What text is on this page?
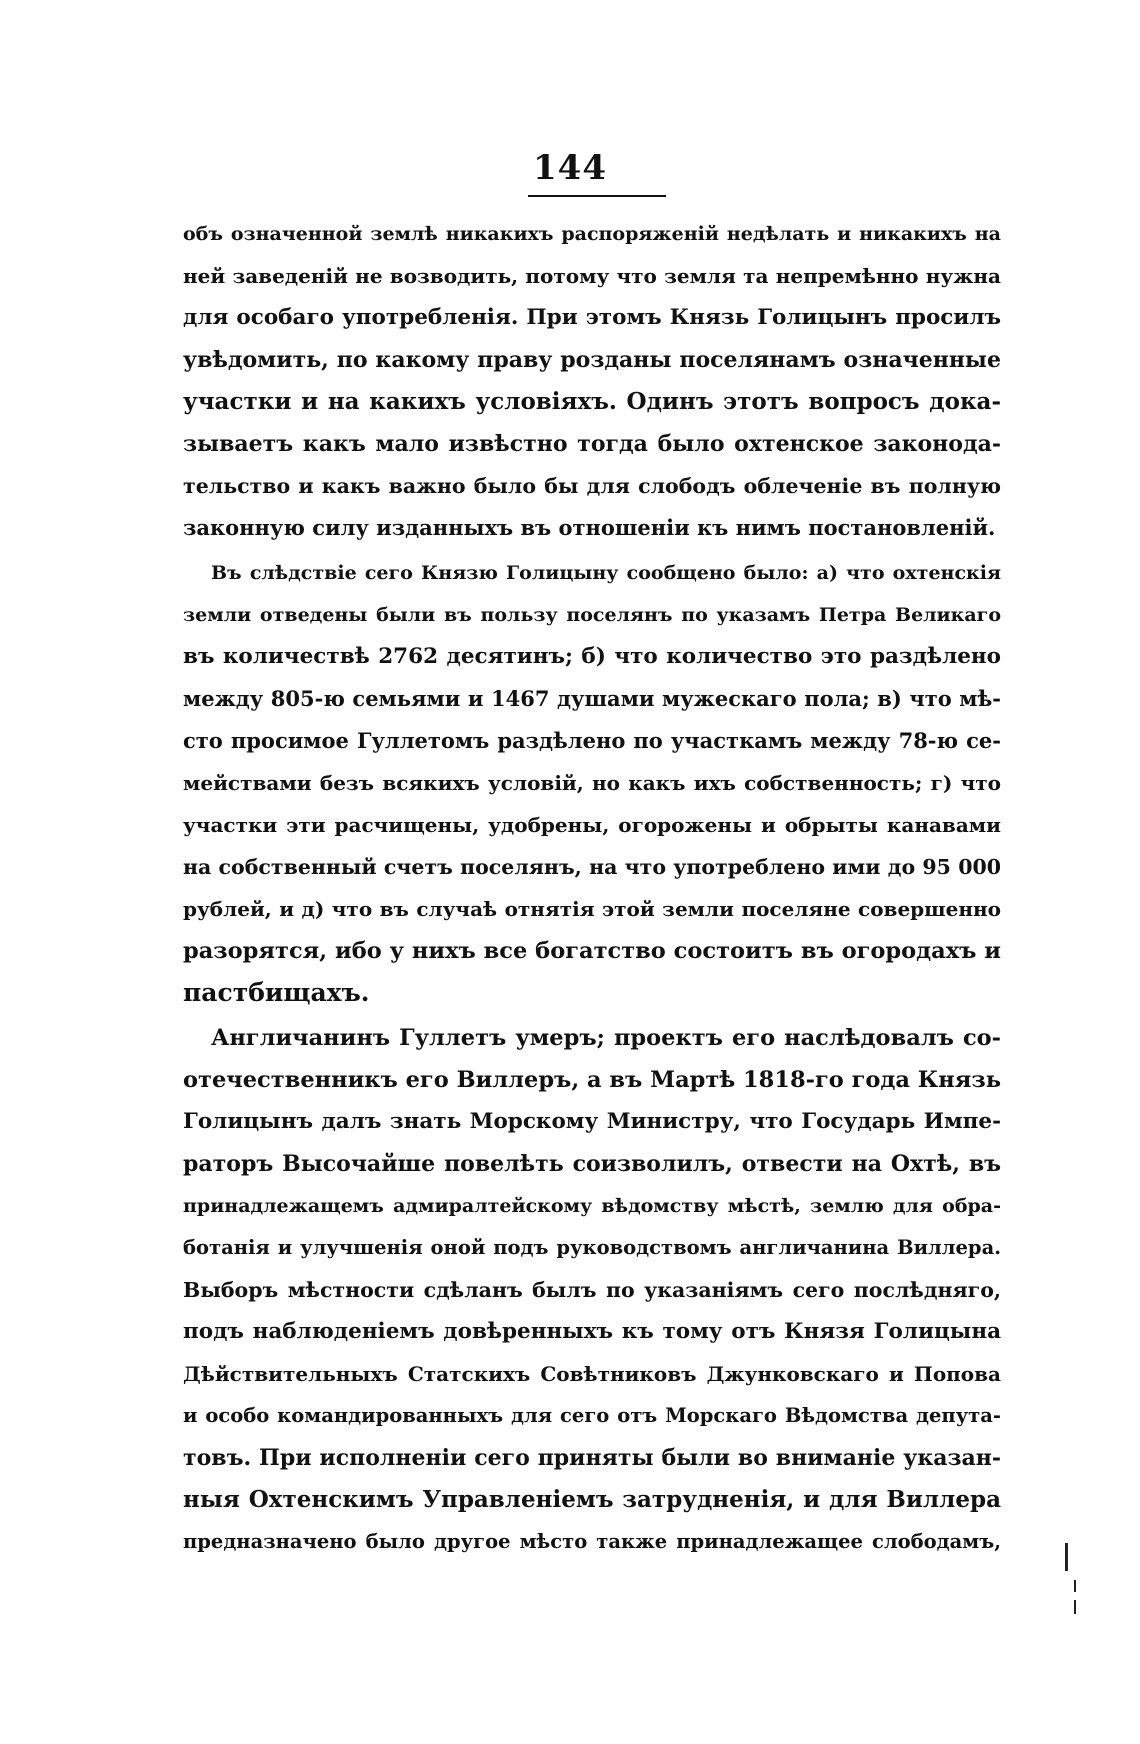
144
объ означенной землѣ никакихъ распоряженій недѣлать и никакихъ на
ней заведеній не возводить, потому что земля та непремѣнно нужна
для особаго употребленія. При этомъ Князь Голицынъ просилъ
увѣдомить, по какому праву розданы поселянамъ означенные
участки и на какихъ условіяхъ. Одинъ этотъ вопросъ дока-
зываетъ какъ мало извѣстно тогда было охтенское законода-
тельство и какъ важно было бы для слободъ облеченіе въ полную
законную силу изданныхъ въ отношеніи къ нимъ постановленій.
Въ слѣдствіе сего Князю Голицыну сообщено было: а) что охтенскія
земли отведены были въ пользу поселянъ по указамъ Петра Великаго
въ количествѣ 2762 десятинъ; б) что количество это раздѣлено
между 805-ю семьями и 1467 душами мужескаго пола; в) что мѣ-
сто просимое Гуллетомъ раздѣлено по участкамъ между 78-ю се-
мействами безъ всякихъ условій, но какъ ихъ собственность; г) что
участки эти расчищены, удобрены, огорожены и обрыты канавами
на собственный счетъ поселянъ, на что употреблено ими до 95 000
рублей, и д) что въ случаѣ отнятія этой земли поселяне совершенно
разорятся, ибо у нихъ все богатство состоитъ въ огородахъ и
пастбищахъ.
Англичанинъ Гуллетъ умеръ; проектъ его наслѣдовалъ со-
отечественникъ его Виллеръ, а въ Мартѣ 1818-го года Князь
Голицынъ далъ знать Морскому Министру, что Государь Импе-
раторъ Высочайше повелѣть соизволилъ, отвести на Охтѣ, въ
принадлежащемъ адмиралтейскому вѣдомству мѣстѣ, землю для обра-
ботанія и улучшенія оной подъ руководствомъ англичанина Виллера.
Выборъ мѣстности сдѣланъ былъ по указаніямъ сего послѣдняго,
подъ наблюденіемъ довѣренныхъ къ тому отъ Князя Голицына
Дѣйствительныхъ Статскихъ Совѣтниковъ Джунковскаго и Попова
и особо командированныхъ для сего отъ Морскаго Вѣдомства депута-
товъ. При исполненіи сего приняты были во вниманіе указан-
ныя Охтенскимъ Управленіемъ затрудненія, и для Виллера
предназначено было другое мѣсто также принадлежащее слободамъ,
